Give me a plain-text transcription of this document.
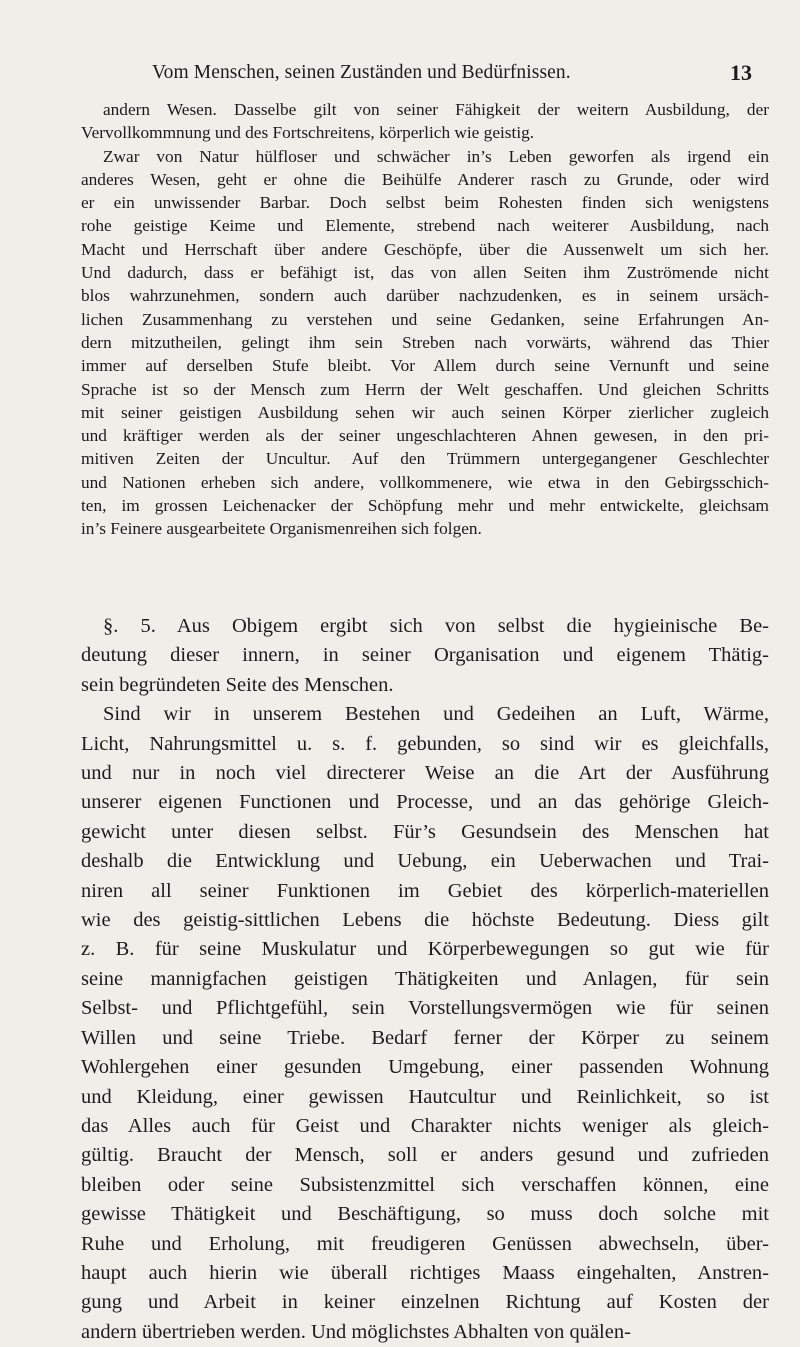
Vom Menschen, seinen Zuständen und Bedürfnissen.	13
andern Wesen. Dasselbe gilt von seiner Fähigkeit der weitern Ausbildung, der
Vervollkommnung und des Fortschreitens, körperlich wie geistig.
Zwar von Natur hülfloser und schwächer in’s Leben geworfen als irgend ein
anderes Wesen, geht er ohne die Beihülfe Anderer rasch zu Grunde, oder wird
er ein unwissender Barbar. Doch selbst beim Rohesten finden sich wenigstens
rohe geistige Keime und Elemente, strebend nach weiterer Ausbildung, nach
Macht und Herrschaft über andere Geschöpfe, über die Aussenwelt um sich her.
Und dadurch, dass er befähigt ist, das von allen Seiten ihm Zuströmende nicht
blos wahrzunehmen, sondern auch darüber nachzudenken, es in seinem ursäch-
lichen Zusammenhang zu verstehen und seine Gedanken, seine Erfahrungen An-
dern mitzutheilen, gelingt ihm sein Streben nach vorwärts, während das Thier
immer auf derselben Stufe bleibt. Vor Allem durch seine Vernunft und seine
Sprache ist so der Mensch zum Herrn der Welt geschaffen. Und gleichen Schritts
mit seiner geistigen Ausbildung sehen wir auch seinen Körper zierlicher zugleich
und kräftiger werden als der seiner ungeschlachteren Ahnen gewesen, in den pri-
mitiven Zeiten der Uncultur. Auf den Trümmern untergegangener Geschlechter
und Nationen erheben sich andere, vollkommenere, wie etwa in den Gebirgsschich-
ten, im grossen Leichenacker der Schöpfung mehr und mehr entwickelte, gleichsam
in’s Feinere ausgearbeitete Organismenreihen sich folgen.
§. 5. Aus Obigem ergibt sich von selbst die hygieinische Be-
deutung dieser innern, in seiner Organisation und eigenem Thätig-
sein begründeten Seite des Menschen.
Sind wir in unserem Bestehen und Gedeihen an Luft, Wärme,
Licht, Nahrungsmittel u. s. f. gebunden, so sind wir es gleichfalls,
und nur in noch viel directerer Weise an die Art der Ausführung
unserer eigenen Functionen und Processe, und an das gehörige Gleich-
gewicht unter diesen selbst. Für’s Gesundsein des Menschen hat
deshalb die Entwicklung und Uebung, ein Ueberwachen und Trai-
niren all seiner Funktionen im Gebiet des körperlich-materiellen
wie des geistig-sittlichen Lebens die höchste Bedeutung. Diess gilt
z. B. für seine Muskulatur und Körperbewegungen so gut wie für
seine mannigfachen geistigen Thätigkeiten und Anlagen, für sein
Selbst- und Pflichtgefühl, sein Vorstellungsvermögen wie für seinen
Willen und seine Triebe. Bedarf ferner der Körper zu seinem
Wohlergehen einer gesunden Umgebung, einer passenden Wohnung
und Kleidung, einer gewissen Hautcultur und Reinlichkeit, so ist
das Alles auch für Geist und Charakter nichts weniger als gleich-
gültig. Braucht der Mensch, soll er anders gesund und zufrieden
bleiben oder seine Subsistenzmittel sich verschaffen können, eine
gewisse Thätigkeit und Beschäftigung, so muss doch solche mit
Ruhe und Erholung, mit freudigeren Genüssen abwechseln, über-
haupt auch hierin wie überall richtiges Maass eingehalten, Anstren-
gung und Arbeit in keiner einzelnen Richtung auf Kosten der
andern übertrieben werden. Und möglichstes Abhalten von quälen-
